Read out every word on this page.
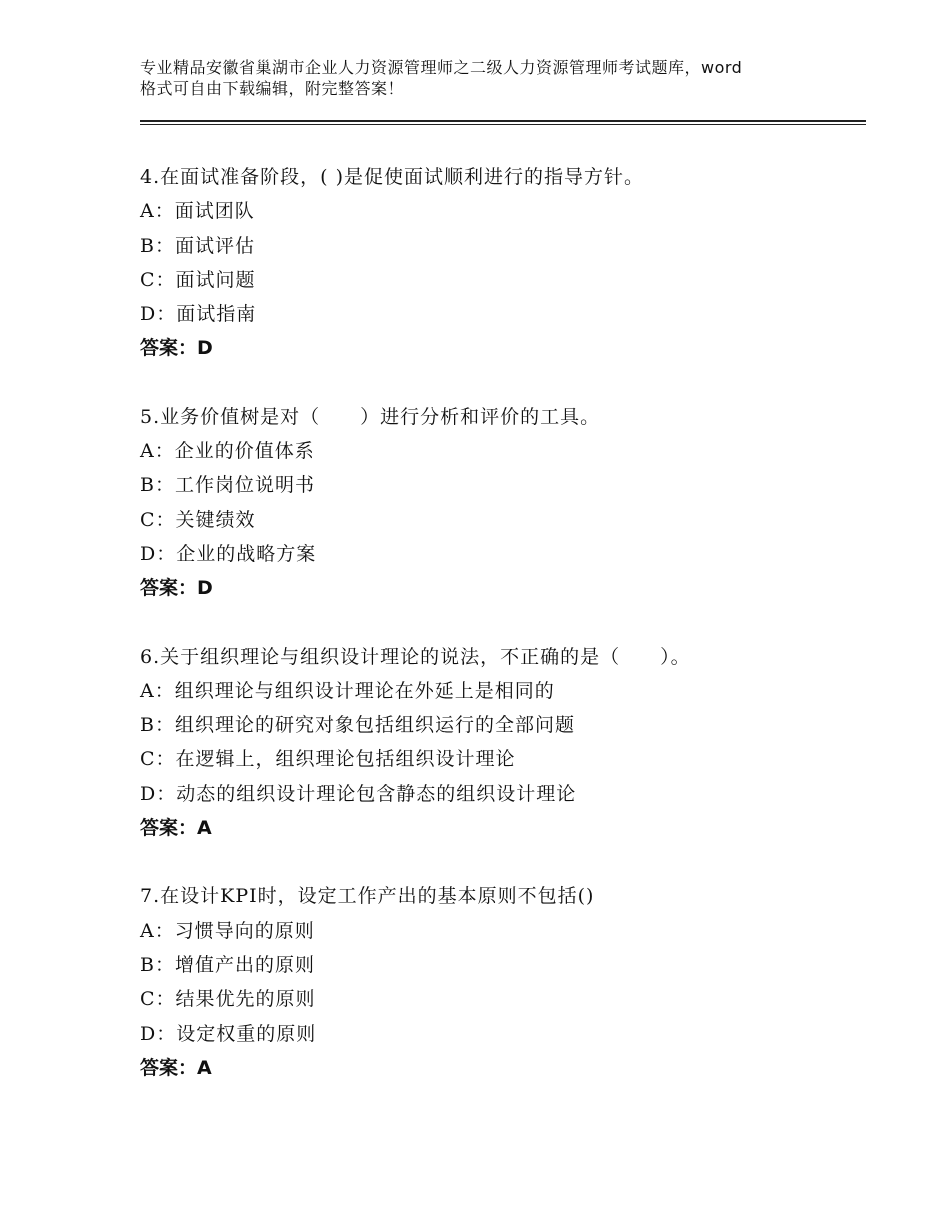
专业精品安徽省巢湖市企业人力资源管理师之二级人力资源管理师考试题库，word
格式可自由下载编辑，附完整答案！
4.在面试准备阶段，( )是促使面试顺利进行的指导方针。
A：面试团队
B：面试评估
C：面试问题
D：面试指南
答案：D
5.业务价值树是对（　　）进行分析和评价的工具。
A：企业的价值体系
B：工作岗位说明书
C：关键绩效
D：企业的战略方案
答案：D
6.关于组织理论与组织设计理论的说法，不正确的是（　　）。
A：组织理论与组织设计理论在外延上是相同的
B：组织理论的研究对象包括组织运行的全部问题
C：在逻辑上，组织理论包括组织设计理论
D：动态的组织设计理论包含静态的组织设计理论
答案：A
7.在设计KPI时，设定工作产出的基本原则不包括()
A：习惯导向的原则
B：增值产出的原则
C：结果优先的原则
D：设定权重的原则
答案：A
